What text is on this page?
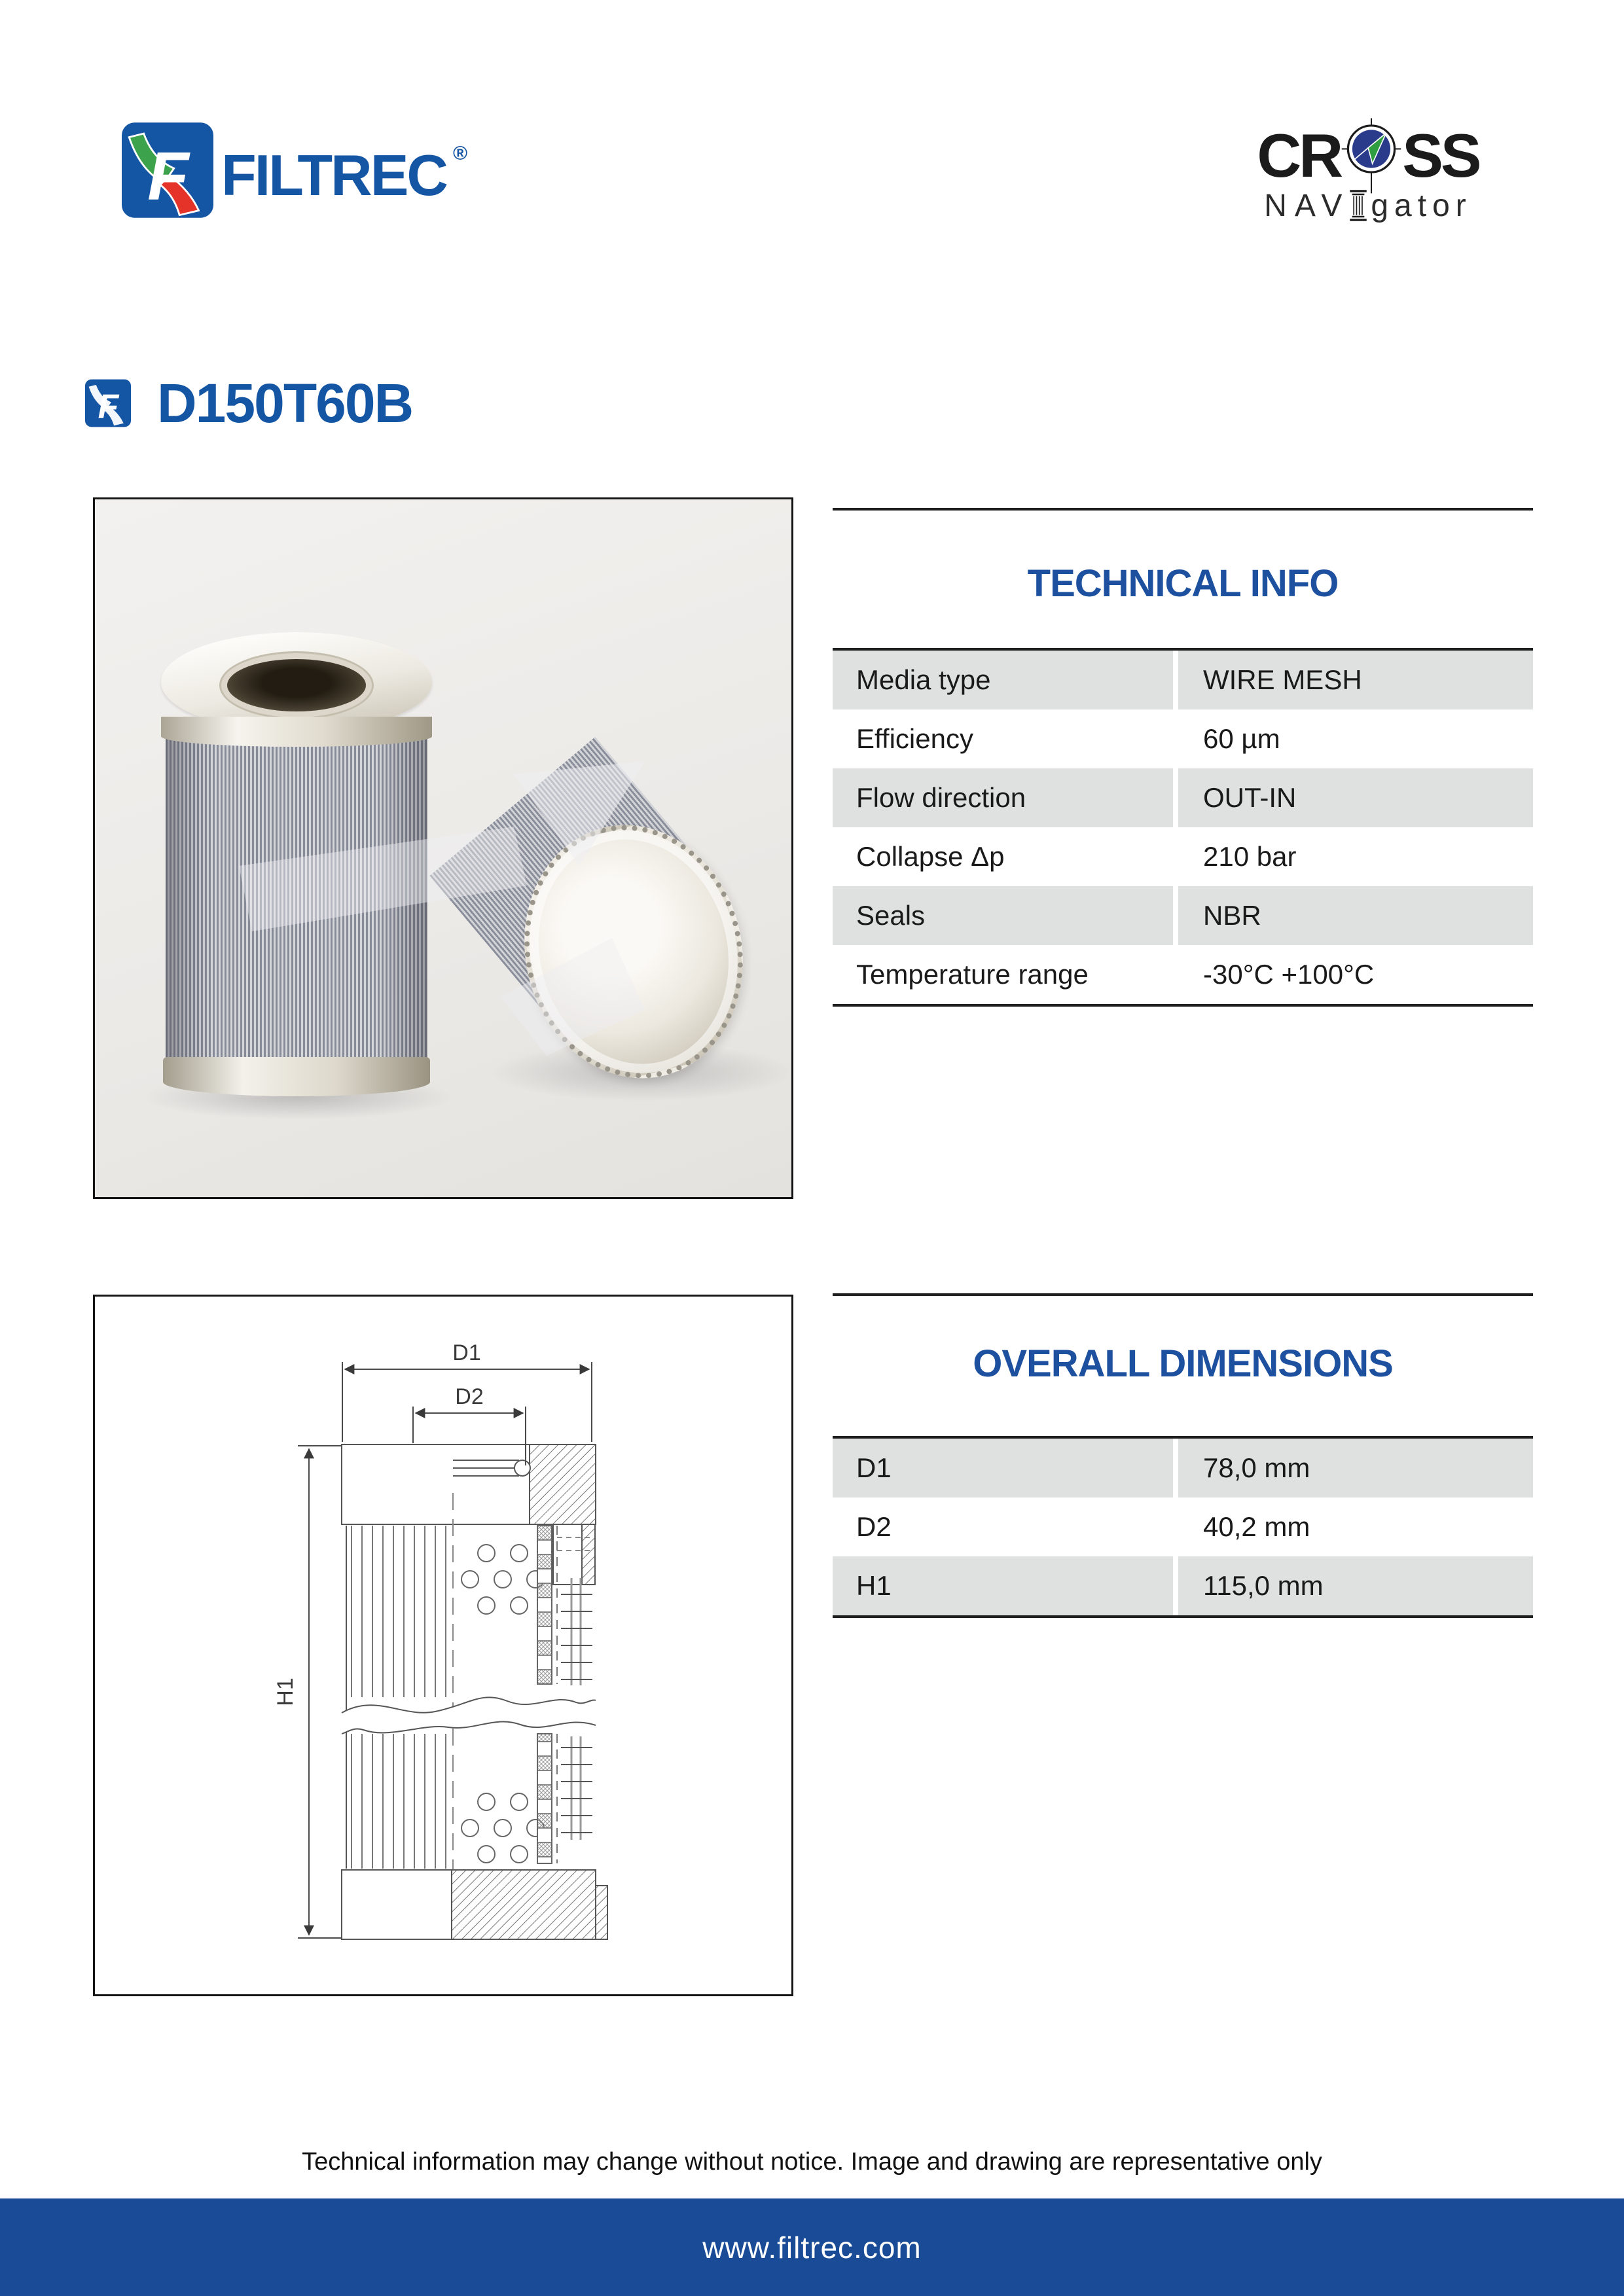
F FILTREC ®	CR SS
NAV gator
F D150T60B
TECHNICAL INFO
Media type	WIRE MESH
Efficiency	60 µm
Flow direction	OUT-IN
Collapse Δp	210 bar
Seals	NBR
Temperature range	-30°C +100°C
D1
D2
H1
OVERALL DIMENSIONS
D1	78,0 mm
D2	40,2 mm
H1	115,0 mm
Technical information may change without notice. Image and drawing are representative only
www.filtrec.com
